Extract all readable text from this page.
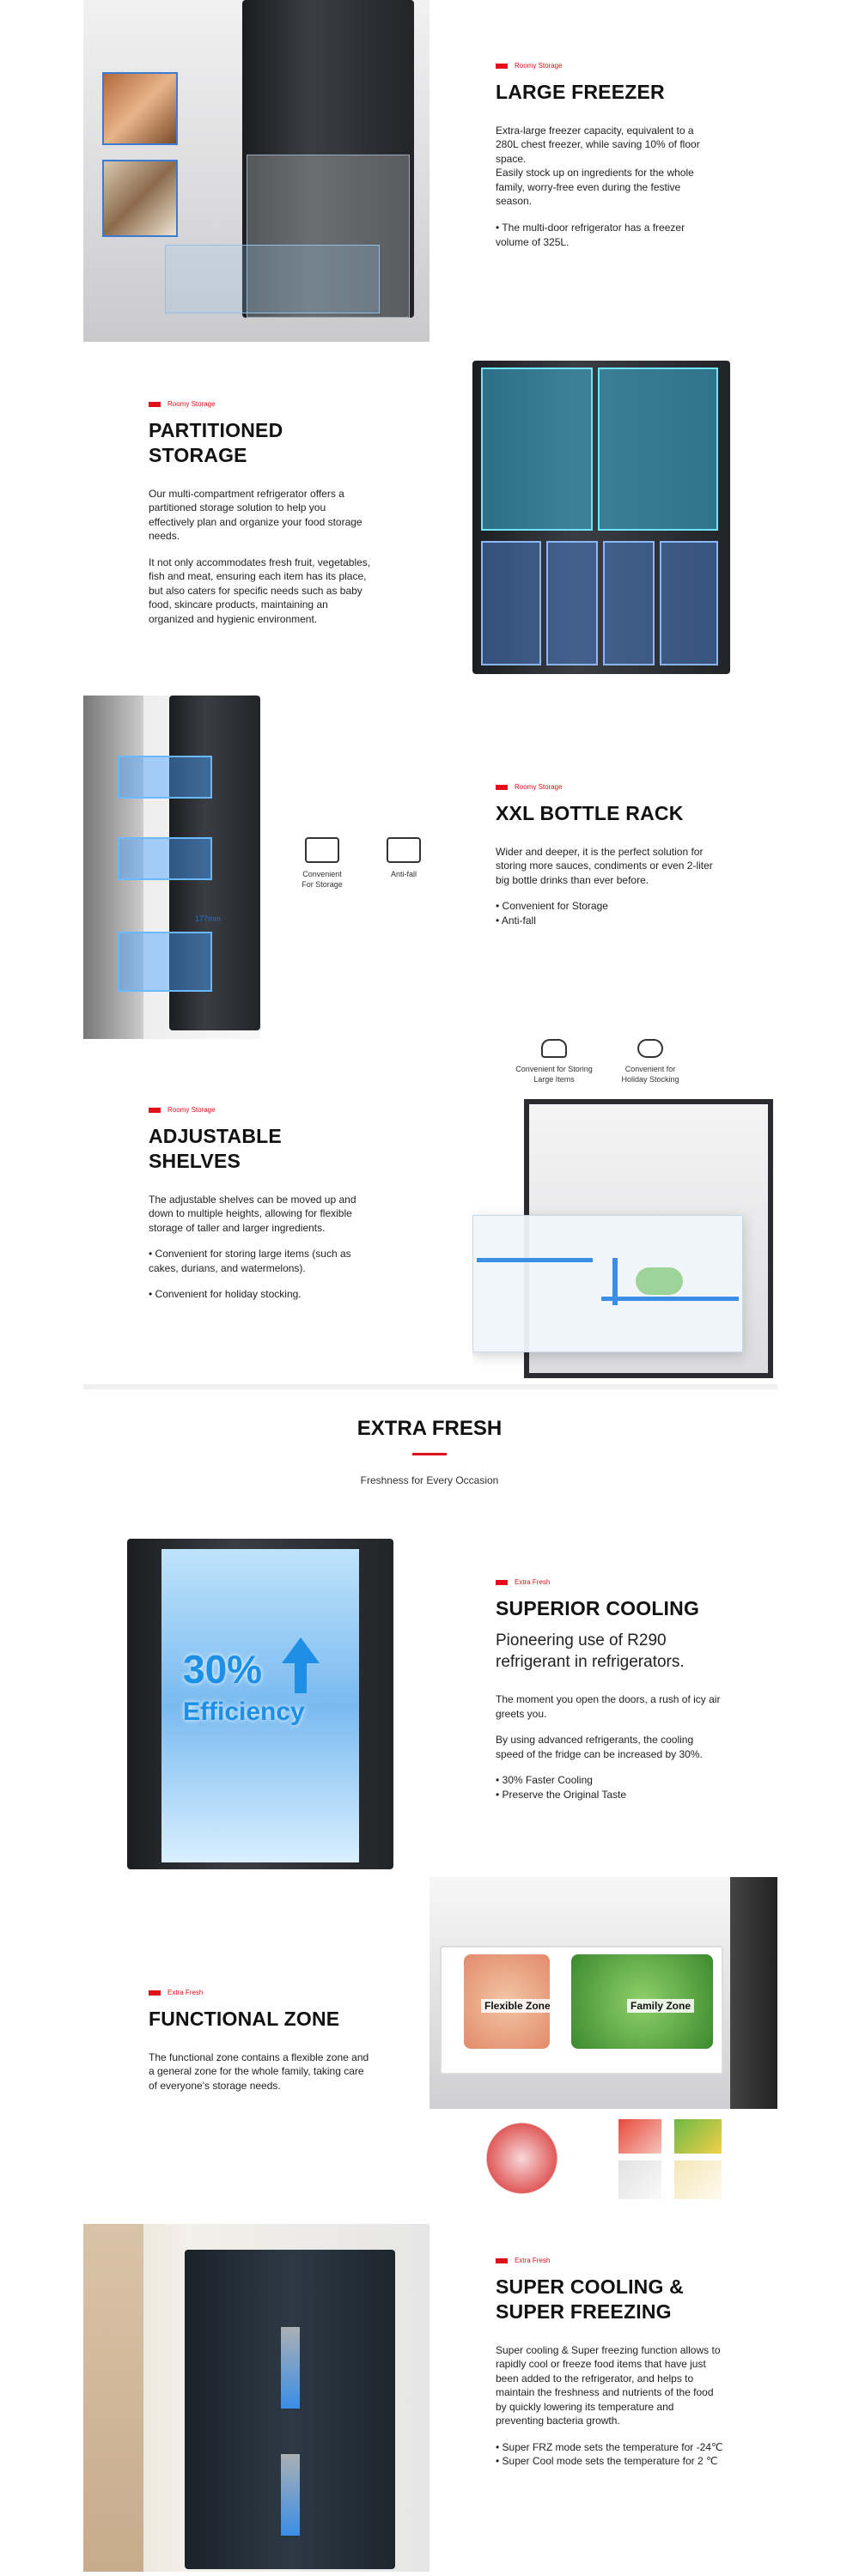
Roomy Storage
LARGE FREEZER
Extra-large freezer capacity, equivalent to a 280L chest freezer, while saving 10% of floor space.
Easily stock up on ingredients for the whole family, worry-free even during the festive season.
• The multi-door refrigerator has a freezer volume of 325L.
Roomy Storage
PARTITIONED STORAGE
Our multi-compartment refrigerator offers a partitioned storage solution to help you effectively plan and organize your food storage needs.
It not only accommodates fresh fruit, vegetables, fish and meat, ensuring each item has its place, but also caters for specific needs such as baby food, skincare products, maintaining an organized and hygienic environment.
177mm
Convenient For Storage
Anti-fall
Roomy Storage
XXL BOTTLE RACK
Wider and deeper, it is the perfect solution for storing more sauces, condiments or even 2-liter big bottle drinks than ever before.
• Convenient for Storage
• Anti-fall
Convenient for Storing Large Items
Convenient for Holiday Stocking
Roomy Storage
ADJUSTABLE SHELVES
The adjustable shelves can be moved up and down to multiple heights, allowing for flexible storage of taller and larger ingredients.
• Convenient for storing large items (such as cakes, durians, and watermelons).
• Convenient for holiday stocking.
EXTRA FRESH
Freshness for Every Occasion
30%
Efficiency
Extra Fresh
SUPERIOR COOLING
Pioneering use of R290 refrigerant in refrigerators.
The moment you open the doors, a rush of icy air greets you.
By using advanced refrigerants, the cooling speed of the fridge can be increased by 30%.
• 30% Faster Cooling
• Preserve the Original Taste
Extra Fresh
FUNCTIONAL ZONE
The functional zone contains a flexible zone and a general zone for the whole family, taking care of everyone's storage needs.
Flexible Zone	Family Zone
Extra Fresh
SUPER COOLING & SUPER FREEZING
Super cooling & Super freezing function allows to rapidly cool or freeze food items that have just been added to the refrigerator, and helps to maintain the freshness and nutrients of the food by quickly lowering its temperature and preventing bacteria growth.
• Super FRZ mode sets the temperature for -24℃
• Super Cool mode sets the temperature for 2 ℃
